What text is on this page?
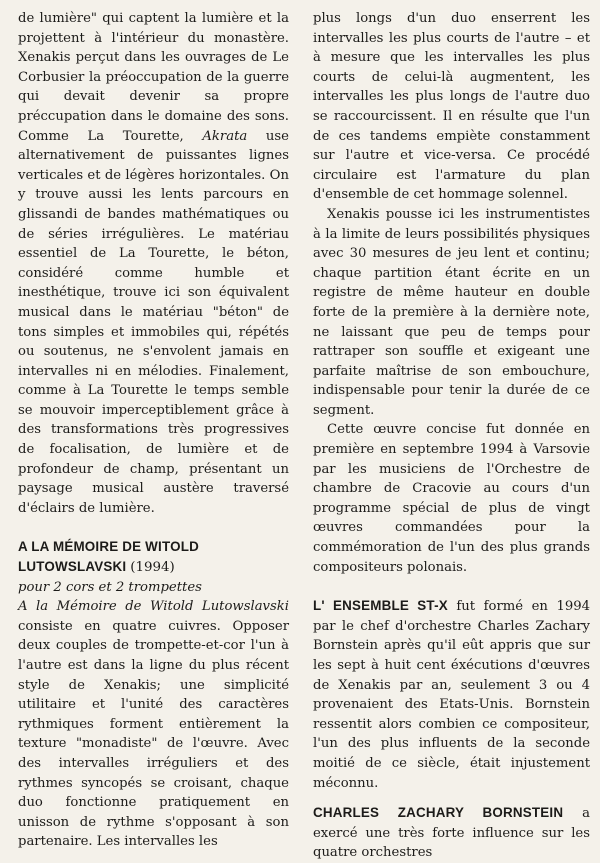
de lumière" qui captent la lumière et la projettent à l'intérieur du monastère. Xenakis perçut dans les ouvrages de Le Corbusier la préoccupation de la guerre qui devait devenir sa propre préccupation dans le domaine des sons. Comme La Tourette, Akrata use alternativement de puissantes lignes verticales et de légères horizontales. On y trouve aussi les lents parcours en glissandi de bandes mathématiques ou de séries irrégulières. Le matériau essentiel de La Tourette, le béton, considéré comme humble et inesthétique, trouve ici son équivalent musical dans le matériau "béton" de tons simples et immobiles qui, répétés ou soutenus, ne s'envolent jamais en intervalles ni en mélodies. Finalement, comme à La Tourette le temps semble se mouvoir imperceptiblement grâce à des transformations très progressives de focalisation, de lumière et de profondeur de champ, présentant un paysage musical austère traversé d'éclairs de lumière.

A LA MÉMOIRE DE WITOLD
LUTOWSLAVSKI (1994)

pour 2 cors et 2 trompettes

A la Mémoire de Witold Lutowslavski consiste en quatre cuivres. Opposer deux couples de trompette-et-cor l'un à l'autre est dans la ligne du plus récent style de Xenakis; une simplicité utilitaire et l'unité des caractères rythmiques forment entièrement la texture "monadiste" de l'œuvre. Avec des intervalles irréguliers et des rythmes syncopés se croisant, chaque duo fonctionne pratiquement en unisson de rythme s'opposant à son partenaire. Les intervalles les

plus longs d'un duo enserrent les intervalles les plus courts de l'autre – et à mesure que les intervalles les plus courts de celui-là augmentent, les intervalles les plus longs de l'autre duo se raccourcissent. Il en résulte que l'un de ces tandems empiète constamment sur l'autre et vice-versa. Ce procédé circulaire est l'armature du plan d'ensemble de cet hommage solennel.

Xenakis pousse ici les instrumentistes à la limite de leurs possibilités physiques avec 30 mesures de jeu lent et continu; chaque partition étant écrite en un registre de même hauteur en double forte de la première à la dernière note, ne laissant que peu de temps pour rattraper son souffle et exigeant une parfaite maîtrise de son embouchure, indispensable pour tenir la durée de ce segment.

Cette œuvre concise fut donnée en première en septembre 1994 à Varsovie par les musiciens de l'Orchestre de chambre de Cracovie au cours d'un programme spécial de plus de vingt œuvres commandées pour la commémoration de l'un des plus grands compositeurs polonais.

L' ENSEMBLE ST-X fut formé en 1994 par le chef d'orchestre Charles Zachary Bornstein après qu'il eût appris que sur les sept à huit cent éxécutions d'œuvres de Xenakis par an, seulement 3 ou 4 provenaient des Etats-Unis. Bornstein ressentit alors combien ce compositeur, l'un des plus influents de la seconde moitié de ce siècle, était injustement méconnu.

CHARLES ZACHARY BORNSTEIN a exercé une très forte influence sur les quatre orchestres
